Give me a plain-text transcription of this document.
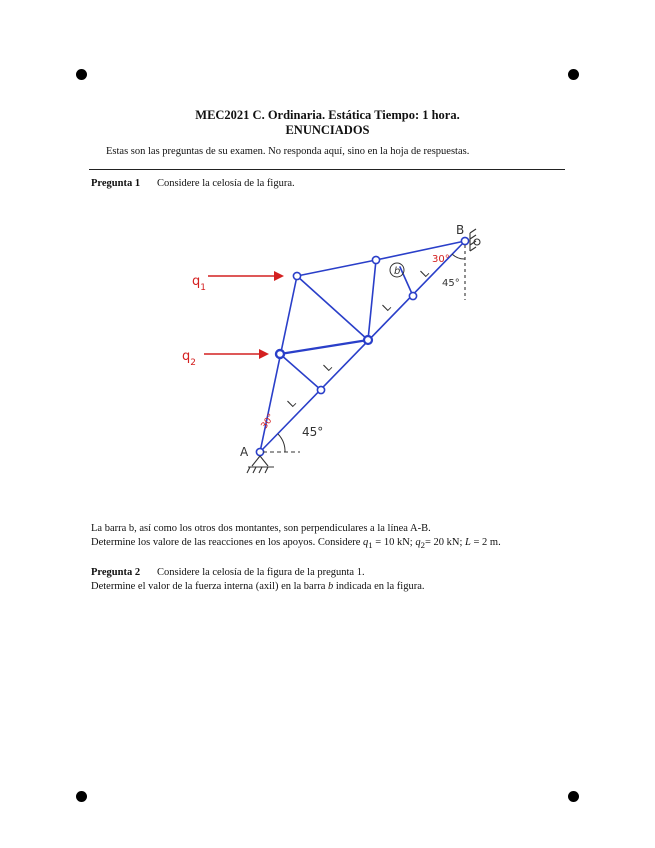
MEC2021 C. Ordinaria. Estática Tiempo: 1 hora.
ENUNCIADOS
Estas son las preguntas de su examen. No responda aquí, sino en la hoja de respuestas.
Pregunta 1 Considere la celosía de la figura.
A
B
$q_1$
$q_2$
b
45°
45°
30°
30°
L
L
L
L
La barra b, así como los otros dos montantes, son perpendiculares a la línea A-B.
Determine los valore de las reacciones en los apoyos. Considere $q_1 = 10$ kN; $q_2= 20$ kN; L = 2 m.
Pregunta 2 Considere la celosía de la figura de la pregunta 1.
Determine el valor de la fuerza interna (axil) en la barra b indicada en la figura.
